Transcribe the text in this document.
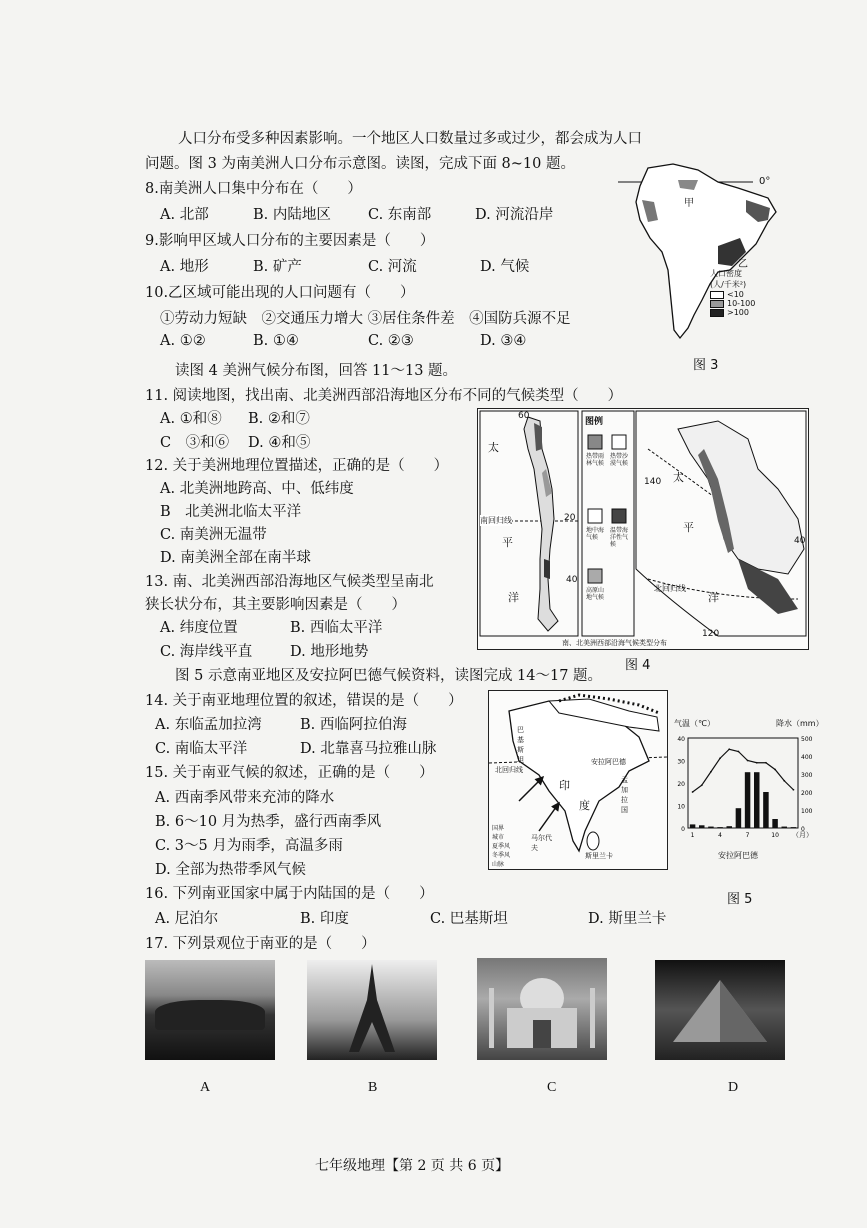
人口分布受多种因素影响。一个地区人口数量过多或过少，都会成为人口
问题。图 3 为南美洲人口分布示意图。读图，完成下面 8~10 题。
8.南美洲人口集中分布在（　　）
A. 北部	B. 内陆地区	C. 东南部	D. 河流沿岸
9.影响甲区域人口分布的主要因素是（　　）
A. 地形	B. 矿产	C. 河流	D. 气候
10.乙区域可能出现的人口问题有（　　）
①劳动力短缺　②交通压力增大 ③居住条件差　④国防兵源不足
A. ①②	B. ①④	C. ②③	D. ③④
0°
甲
乙
人口密度
(人/千米²)
<10
10-100
>100
图 3
读图 4 美洲气候分布图，回答 11～13 题。
11. 阅读地图，找出南、北美洲西部沿海地区分布不同的气候类型（　　）
A. ①和⑧ B. ②和⑦
C　③和⑥　 D. ④和⑤
12. 关于美洲地理位置描述，正确的是（　　）
A. 北美洲地跨高、中、低纬度
B　北美洲北临太平洋
C. 南美洲无温带
D. 南美洲全部在南半球
13. 南、北美洲西部沿海地区气候类型呈南北
狭长状分布，其主要影响因素是（　　）
A. 纬度位置	B. 西临太平洋
C. 海岸线平直	D. 地形地势
60
20
太
平
洋
南回归线
图例
热带雨林气候
热带沙漠气候
地中海气候
温带海洋性气候
高原山地气候
太
平
洋
140
40
40
北回归线
120
南、北美洲西部沿海气候类型分布
图 4
图 5 示意南亚地区及安拉阿巴德气候资料，读图完成 14～17 题。
14. 关于南亚地理位置的叙述，错误的是（　　）
A. 东临孟加拉湾	B. 西临阿拉伯海
C. 南临太平洋	D. 北靠喜马拉雅山脉
15. 关于南亚气候的叙述，正确的是（　　）
A. 西南季风带来充沛的降水
B. 6～10 月为热季，盛行西南季风
C. 3～5 月为雨季，高温多雨
D. 全部为热带季风气候
16. 下列南亚国家中属于内陆国的是（　　）
A. 尼泊尔	B. 印度	C. 巴基斯坦	D. 斯里兰卡
17. 下列景观位于南亚的是（　　）
巴基斯坦
北回归线
印
度
安拉阿巴德
孟加拉国
马尔代夫
斯里兰卡
国界
城市
夏季风
冬季风
山脉
气温（℃）	降水（mm）
0
10
20
30
40
0
100
200
300
400
500
1	4	7	10
安拉阿巴德
（月）
图 5
A	B	C	D
七年级地理【第 2 页 共 6 页】
